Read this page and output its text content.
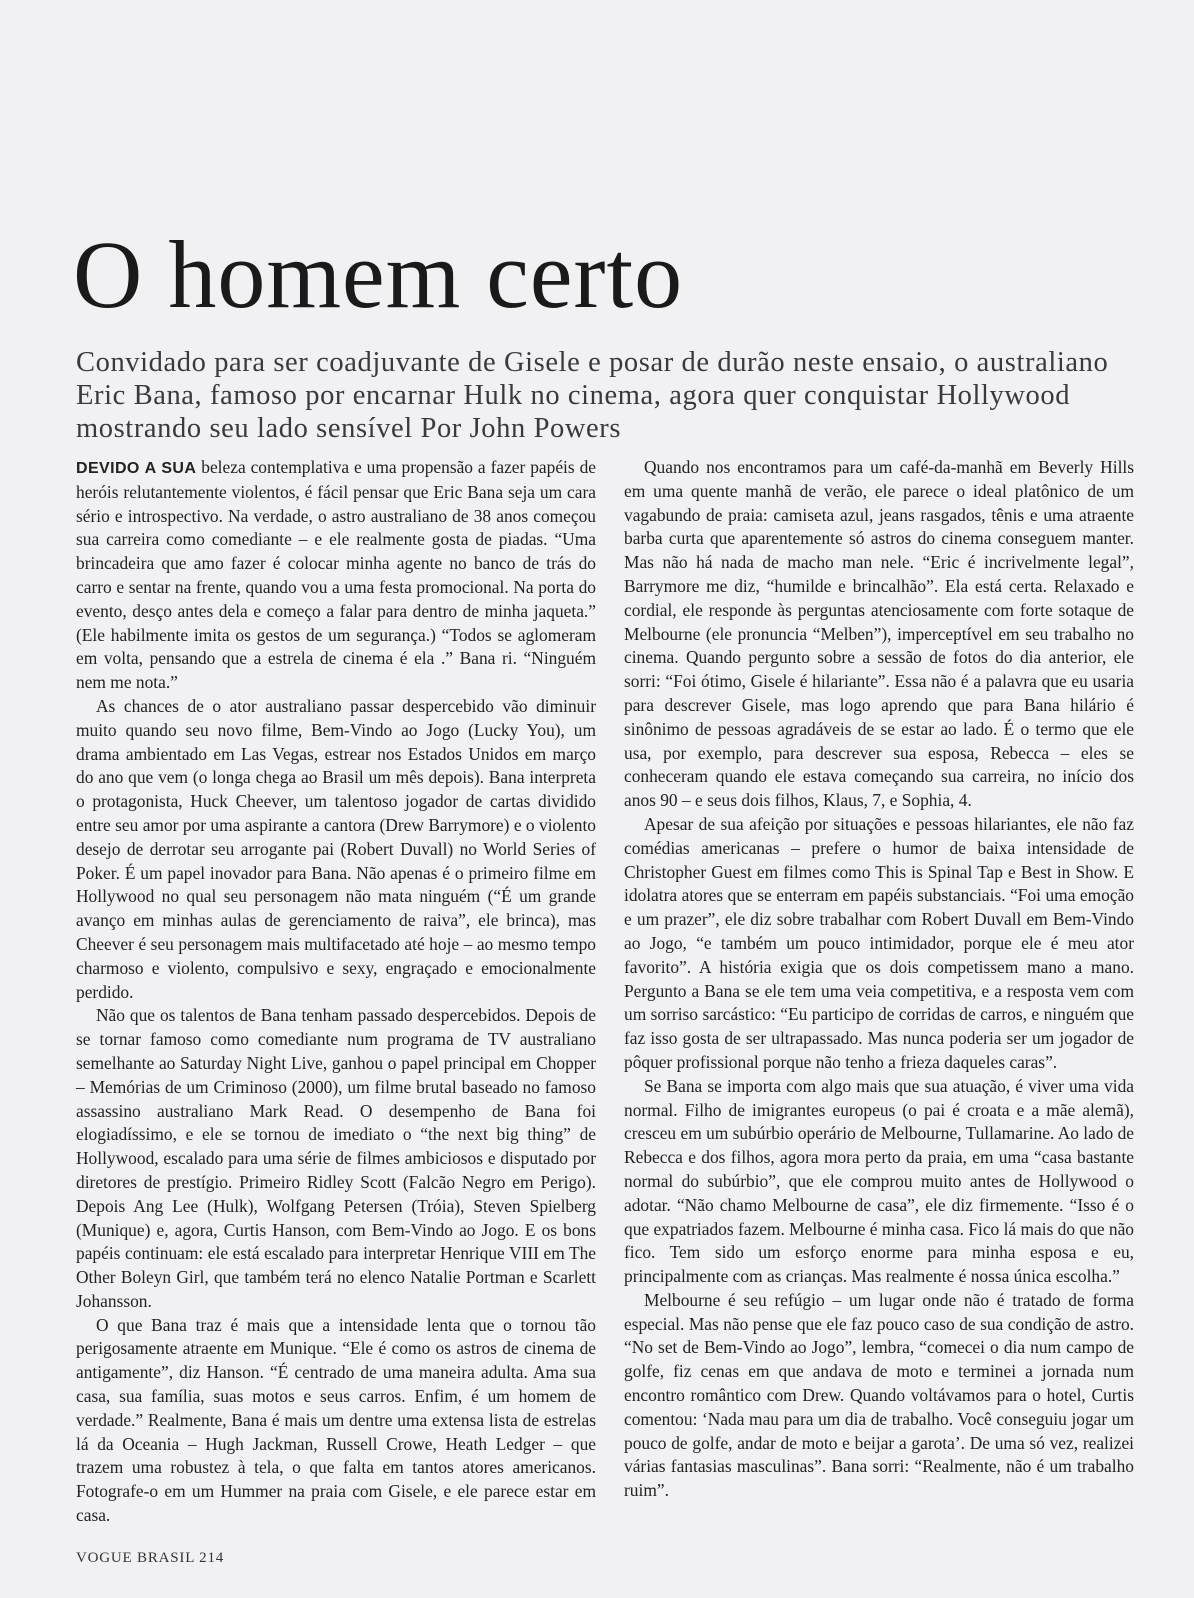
O homem certo

Convidado para ser coadjuvante de Gisele e posar de durão neste ensaio, o australiano Eric Bana, famoso por encarnar Hulk no cinema, agora quer conquistar Hollywood mostrando seu lado sensível Por John Powers

DEVIDO A SUA beleza contemplativa e uma propensão a fazer papéis de heróis relutantemente violentos, é fácil pensar que Eric Bana seja um cara sério e introspectivo. Na verdade, o astro australiano de 38 anos começou sua carreira como comediante – e ele realmente gosta de piadas. “Uma brincadeira que amo fazer é colocar minha agente no banco de trás do carro e sentar na frente, quando vou a uma festa promocional. Na porta do evento, desço antes dela e começo a falar para dentro de minha jaqueta.” (Ele habilmente imita os gestos de um segurança.) “Todos se aglomeram em volta, pensando que a estrela de cinema é ela .” Bana ri. “Ninguém nem me nota.”

As chances de o ator australiano passar despercebido vão diminuir muito quando seu novo filme, Bem-Vindo ao Jogo (Lucky You), um drama ambientado em Las Vegas, estrear nos Estados Unidos em março do ano que vem (o longa chega ao Brasil um mês depois). Bana interpreta o protagonista, Huck Cheever, um talentoso jogador de cartas dividido entre seu amor por uma aspirante a cantora (Drew Barrymore) e o violento desejo de derrotar seu arrogante pai (Robert Duvall) no World Series of Poker. É um papel inovador para Bana. Não apenas é o primeiro filme em Hollywood no qual seu personagem não mata ninguém (“É um grande avanço em minhas aulas de gerenciamento de raiva”, ele brinca), mas Cheever é seu personagem mais multifacetado até hoje – ao mesmo tempo charmoso e violento, compulsivo e sexy, engraçado e emocionalmente perdido.

Não que os talentos de Bana tenham passado despercebidos. Depois de se tornar famoso como comediante num programa de TV australiano semelhante ao Saturday Night Live, ganhou o papel principal em Chopper – Memórias de um Criminoso (2000), um filme brutal baseado no famoso assassino australiano Mark Read. O desempenho de Bana foi elogiadíssimo, e ele se tornou de imediato o “the next big thing” de Hollywood, escalado para uma série de filmes ambiciosos e disputado por diretores de prestígio. Primeiro Ridley Scott (Falcão Negro em Perigo). Depois Ang Lee (Hulk), Wolfgang Petersen (Tróia), Steven Spielberg (Munique) e, agora, Curtis Hanson, com Bem-Vindo ao Jogo. E os bons papéis continuam: ele está escalado para interpretar Henrique VIII em The Other Boleyn Girl, que também terá no elenco Natalie Portman e Scarlett Johansson.

O que Bana traz é mais que a intensidade lenta que o tornou tão perigosamente atraente em Munique. “Ele é como os astros de cinema de antigamente”, diz Hanson. “É centrado de uma maneira adulta. Ama sua casa, sua família, suas motos e seus carros. Enfim, é um homem de verdade.” Realmente, Bana é mais um dentre uma extensa lista de estrelas lá da Oceania – Hugh Jackman, Russell Crowe, Heath Ledger – que trazem uma robustez à tela, o que falta em tantos atores americanos. Fotografe-o em um Hummer na praia com Gisele, e ele parece estar em casa.

Quando nos encontramos para um café-da-manhã em Beverly Hills em uma quente manhã de verão, ele parece o ideal platônico de um vagabundo de praia: camiseta azul, jeans rasgados, tênis e uma atraente barba curta que aparentemente só astros do cinema conseguem manter. Mas não há nada de macho man nele. “Eric é incrivelmente legal”, Barrymore me diz, “humilde e brincalhão”. Ela está certa. Relaxado e cordial, ele responde às perguntas atenciosamente com forte sotaque de Melbourne (ele pronuncia “Melben”), imperceptível em seu trabalho no cinema. Quando pergunto sobre a sessão de fotos do dia anterior, ele sorri: “Foi ótimo, Gisele é hilariante”. Essa não é a palavra que eu usaria para descrever Gisele, mas logo aprendo que para Bana hilário é sinônimo de pessoas agradáveis de se estar ao lado. É o termo que ele usa, por exemplo, para descrever sua esposa, Rebecca – eles se conheceram quando ele estava começando sua carreira, no início dos anos 90 – e seus dois filhos, Klaus, 7, e Sophia, 4.

Apesar de sua afeição por situações e pessoas hilariantes, ele não faz comédias americanas – prefere o humor de baixa intensidade de Christopher Guest em filmes como This is Spinal Tap e Best in Show. E idolatra atores que se enterram em papéis substanciais. “Foi uma emoção e um prazer”, ele diz sobre trabalhar com Robert Duvall em Bem-Vindo ao Jogo, “e também um pouco intimidador, porque ele é meu ator favorito”. A história exigia que os dois competissem mano a mano. Pergunto a Bana se ele tem uma veia competitiva, e a resposta vem com um sorriso sarcástico: “Eu participo de corridas de carros, e ninguém que faz isso gosta de ser ultrapassado. Mas nunca poderia ser um jogador de pôquer profissional porque não tenho a frieza daqueles caras”.

Se Bana se importa com algo mais que sua atuação, é viver uma vida normal. Filho de imigrantes europeus (o pai é croata e a mãe alemã), cresceu em um subúrbio operário de Melbourne, Tullamarine. Ao lado de Rebecca e dos filhos, agora mora perto da praia, em uma “casa bastante normal do subúrbio”, que ele comprou muito antes de Hollywood o adotar. “Não chamo Melbourne de casa”, ele diz firmemente. “Isso é o que expatriados fazem. Melbourne é minha casa. Fico lá mais do que não fico. Tem sido um esforço enorme para minha esposa e eu, principalmente com as crianças. Mas realmente é nossa única escolha.”

Melbourne é seu refúgio – um lugar onde não é tratado de forma especial. Mas não pense que ele faz pouco caso de sua condição de astro. “No set de Bem-Vindo ao Jogo”, lembra, “comecei o dia num campo de golfe, fiz cenas em que andava de moto e terminei a jornada num encontro romântico com Drew. Quando voltávamos para o hotel, Curtis comentou: ‘Nada mau para um dia de trabalho. Você conseguiu jogar um pouco de golfe, andar de moto e beijar a garota’. De uma só vez, realizei várias fantasias masculinas”. Bana sorri: “Realmente, não é um trabalho ruim”.

VOGUE BRASIL 214
